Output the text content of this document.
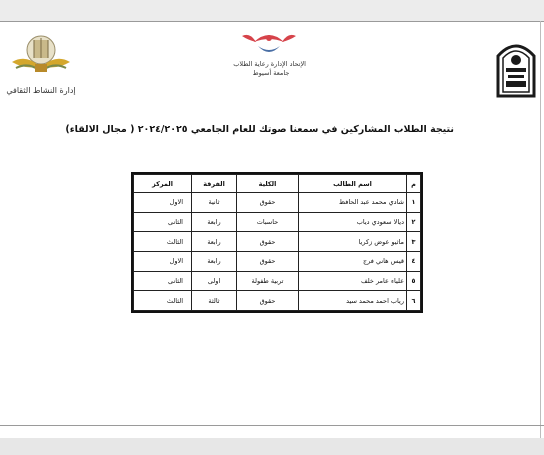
إدارة النشاط الثقافي
الإتحاد الإدارة رعاية الطلاب
جامعة أسيوط
نتيجة الطلاب المشاركين في سمعنا صوتك للعام الجامعي ٢٠٢٤/٢٠٢٥ ( مجال الالقاء)
م	اسم الطالب	الكلية	الفرقة	المركز
١	شادي محمد عبد الحافظ	حقوق	ثانية	الاول
٢	ديالا سعودي دياب	حاسبات	رابعة	الثانى
٣	ماثيو عوض زكريا	حقوق	رابعة	الثالث
٤	قيس هاني فرج	حقوق	رابعة	الاول
٥	علياء عامر خلف	تربية طفولة	اولى	الثانى
٦	رياب احمد محمد سيد	حقوق	ثالثة	الثالث
